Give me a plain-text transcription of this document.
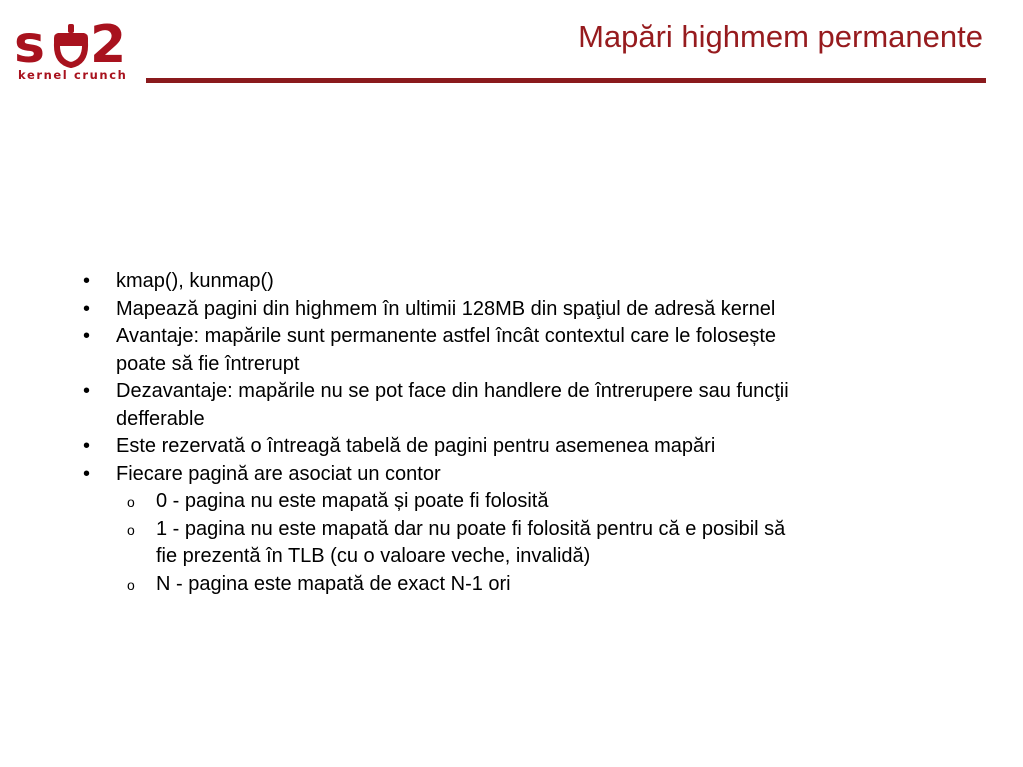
s 2
kernel crunch
Mapări highmem permanente
•	kmap(), kunmap()
•	Mapează pagini din highmem în ultimii 128MB din spaţiul de adresă kernel
•	Avantaje: mapările sunt permanente astfel încât contextul care le folosește
poate să fie întrerupt
•	Dezavantaje: mapările nu se pot face din handlere de întrerupere sau funcţii
defferable
•	Este rezervată o întreagă tabelă de pagini pentru asemenea mapări
•	Fiecare pagină are asociat un contor
o 0 - pagina nu este mapată și poate fi folosită
o 1 - pagina nu este mapată dar nu poate fi folosită pentru că e posibil să
fie prezentă în TLB (cu o valoare veche, invalidă)
o N - pagina este mapată de exact N-1 ori
